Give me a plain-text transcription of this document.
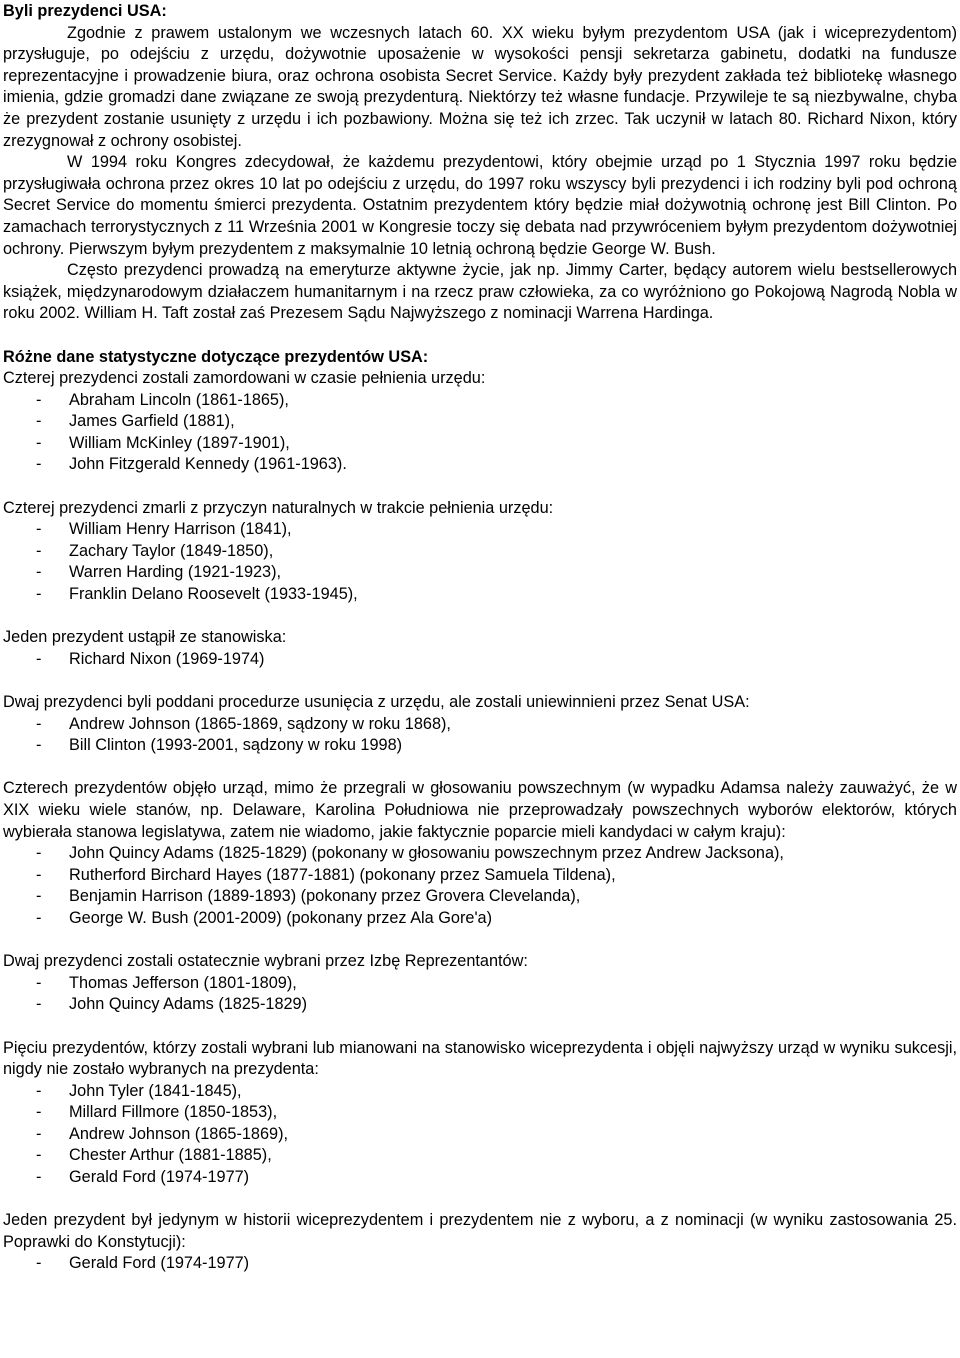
Byli prezydenci USA:

Zgodnie z prawem ustalonym we wczesnych latach 60. XX wieku byłym prezydentom USA (jak i wiceprezydentom) przysługuje, po odejściu z urzędu, dożywotnie uposażenie w wysokości pensji sekretarza gabinetu, dodatki na fundusze reprezentacyjne i prowadzenie biura, oraz ochrona osobista Secret Service. Każdy były prezydent zakłada też bibliotekę własnego imienia, gdzie gromadzi dane związane ze swoją prezydenturą. Niektórzy też własne fundacje. Przywileje te są niezbywalne, chyba że prezydent zostanie usunięty z urzędu i ich pozbawiony. Można się też ich zrzec. Tak uczynił w latach 80. Richard Nixon, który zrezygnował z ochrony osobistej.

W 1994 roku Kongres zdecydował, że każdemu prezydentowi, który obejmie urząd po 1 Stycznia 1997 roku będzie przysługiwała ochrona przez okres 10 lat po odejściu z urzędu, do 1997 roku wszyscy byli prezydenci i ich rodziny byli pod ochroną Secret Service do momentu śmierci prezydenta. Ostatnim prezydentem który będzie miał dożywotnią ochronę jest Bill Clinton. Po zamachach terrorystycznych z 11 Września 2001 w Kongresie toczy się debata nad przywróceniem byłym prezydentom dożywotniej ochrony. Pierwszym byłym prezydentem z maksymalnie 10 letnią ochroną będzie George W. Bush.

Często prezydenci prowadzą na emeryturze aktywne życie, jak np. Jimmy Carter, będący autorem wielu bestsellerowych książek, międzynarodowym działaczem humanitarnym i na rzecz praw człowieka, za co wyróżniono go Pokojową Nagrodą Nobla w roku 2002. William H. Taft został zaś Prezesem Sądu Najwyższego z nominacji Warrena Hardinga.

Różne dane statystyczne dotyczące prezydentów USA:

Czterej prezydenci zostali zamordowani w czasie pełnienia urzędu:

- Abraham Lincoln (1861-1865),
- James Garfield (1881),
- William McKinley (1897-1901),
- John Fitzgerald Kennedy (1961-1963).

Czterej prezydenci zmarli z przyczyn naturalnych w trakcie pełnienia urzędu:

- William Henry Harrison (1841),
- Zachary Taylor (1849-1850),
- Warren Harding (1921-1923),
- Franklin Delano Roosevelt (1933-1945),

Jeden prezydent ustąpił ze stanowiska:

- Richard Nixon (1969-1974)

Dwaj prezydenci byli poddani procedurze usunięcia z urzędu, ale zostali uniewinnieni przez Senat USA:

- Andrew Johnson (1865-1869, sądzony w roku 1868),
- Bill Clinton (1993-2001, sądzony w roku 1998)

Czterech prezydentów objęło urząd, mimo że przegrali w głosowaniu powszechnym (w wypadku Adamsa należy zauważyć, że w XIX wieku wiele stanów, np. Delaware, Karolina Południowa nie przeprowadzały powszechnych wyborów elektorów, których wybierała stanowa legislatywa, zatem nie wiadomo, jakie faktycznie poparcie mieli kandydaci w całym kraju):

- John Quincy Adams (1825-1829) (pokonany w głosowaniu powszechnym przez Andrew Jacksona),
- Rutherford Birchard Hayes (1877-1881) (pokonany przez Samuela Tildena),
- Benjamin Harrison (1889-1893) (pokonany przez Grovera Clevelanda),
- George W. Bush (2001-2009) (pokonany przez Ala Gore'a)

Dwaj prezydenci zostali ostatecznie wybrani przez Izbę Reprezentantów:

- Thomas Jefferson (1801-1809),
- John Quincy Adams (1825-1829)

Pięciu prezydentów, którzy zostali wybrani lub mianowani na stanowisko wiceprezydenta i objęli najwyższy urząd w wyniku sukcesji, nigdy nie zostało wybranych na prezydenta:

- John Tyler (1841-1845),
- Millard Fillmore (1850-1853),
- Andrew Johnson (1865-1869),
- Chester Arthur (1881-1885),
- Gerald Ford (1974-1977)

Jeden prezydent był jedynym w historii wiceprezydentem i prezydentem nie z wyboru, a z nominacji (w wyniku zastosowania 25. Poprawki do Konstytucji):

- Gerald Ford (1974-1977)
